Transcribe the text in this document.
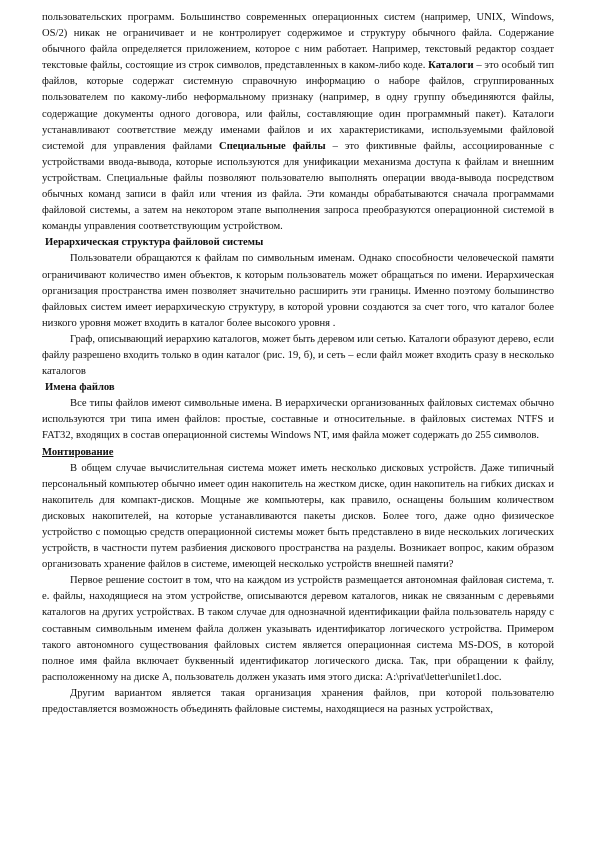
пользовательских программ. Большинство современных операционных систем (например, UNIX, Windows, OS/2) никак не ограничивает и не контролирует содержимое и структуру обычного файла. Содержание обычного файла определяется приложением, которое с ним работает. Например, текстовый редактор создает текстовые файлы, состоящие из строк символов, представленных в каком-либо коде. Каталоги – это особый тип файлов, которые содержат системную справочную информацию о наборе файлов, сгруппированных пользователем по какому-либо неформальному признаку (например, в одну группу объединяются файлы, содержащие документы одного договора, или файлы, составляющие один программный пакет). Каталоги устанавливают соответствие между именами файлов и их характеристиками, используемыми файловой системой для управления файлами Специальные файлы – это фиктивные файлы, ассоциированные с устройствами ввода-вывода, которые используются для унификации механизма доступа к файлам и внешним устройствам. Специальные файлы позволяют пользователю выполнять операции ввода-вывода посредством обычных команд записи в файл или чтения из файла. Эти команды обрабатываются сначала программами файловой системы, а затем на некотором этапе выполнения запроса преобразуются операционной системой в команды управления соответствующим устройством.

Иерархическая структура файловой системы

Пользователи обращаются к файлам по символьным именам. Однако способности человеческой памяти ограничивают количество имен объектов, к которым пользователь может обращаться по имени. Иерархическая организация пространства имен позволяет значительно расширить эти границы. Именно поэтому большинство файловых систем имеет иерархическую структуру, в которой уровни создаются за счет того, что каталог более низкого уровня может входить в каталог более высокого уровня .

Граф, описывающий иерархию каталогов, может быть деревом или сетью. Каталоги образуют дерево, если файлу разрешено входить только в один каталог (рис. 19, б), и сеть – если файл может входить сразу в несколько каталогов

Имена файлов

Все типы файлов имеют символьные имена. В иерархически организованных файловых системах обычно используются три типа имен файлов: простые, составные и относительные. в файловых системах NTFS и FAT32, входящих в состав операционной системы Windows NT, имя файла может содержать до 255 символов.

Монтирование

В общем случае вычислительная система может иметь несколько дисковых устройств. Даже типичный персональный компьютер обычно имеет один накопитель на жестком диске, один накопитель на гибких дисках и накопитель для компакт-дисков. Мощные же компьютеры, как правило, оснащены большим количеством дисковых накопителей, на которые устанавливаются пакеты дисков. Более того, даже одно физическое устройство с помощью средств операционной системы может быть представлено в виде нескольких логических устройств, в частности путем разбиения дискового пространства на разделы. Возникает вопрос, каким образом организовать хранение файлов в системе, имеющей несколько устройств внешней памяти?

Первое решение состоит в том, что на каждом из устройств размещается автономная файловая система, т. е. файлы, находящиеся на этом устройстве, описываются деревом каталогов, никак не связанным с деревьями каталогов на других устройствах. В таком случае для однозначной идентификации файла пользователь наряду с составным символьным именем файла должен указывать идентификатор логического устройства. Примером такого автономного существования файловых систем является операционная система MS-DOS, в которой полное имя файла включает буквенный идентификатор логического диска. Так, при обращении к файлу, расположенному на диске А, пользователь должен указать имя этого диска: A:\privat\letter\unilet1.doc.

Другим вариантом является такая организация хранения файлов, при которой пользователю предоставляется возможность объединять файловые системы, находящиеся на разных устройствах,
